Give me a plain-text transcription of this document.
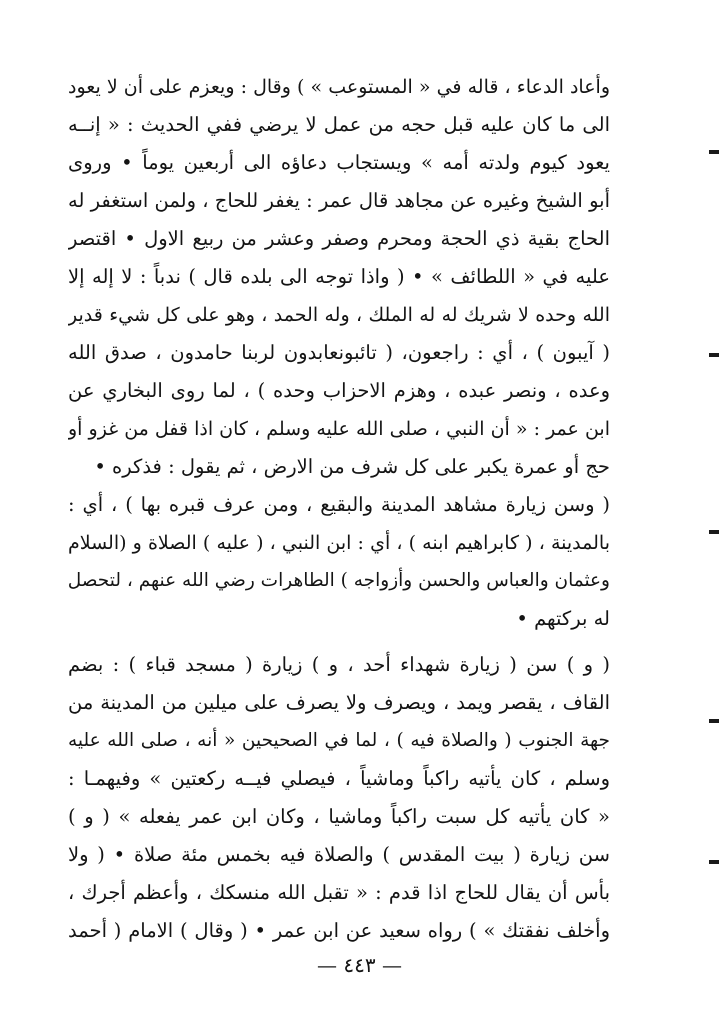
وأعاد الدعاء ، قاله في « المستوعب » ) وقال : ويعزم على أن لا يعود
الى ما كان عليه قبل حجه من عمل لا يرضي ففي الحديث : « إنــه
يعود كيوم ولدته أمه » ويستجاب دعاؤه الى أربعين يوماً • وروى
أبو الشيخ وغيره عن مجاهد قال عمر : يغفر للحاج ، ولمن استغفر له
الحاج بقية ذي الحجة ومحرم وصفر وعشر من ربيع الاول • اقتصر
عليه في « اللطائف » • ( واذا توجه الى بلده قال ) ندباً : لا إله إلا
الله وحده لا شريك له له الملك ، وله الحمد ، وهو على كل شيء قدير
( آيبون ) ، أي : راجعون، ( تائبونعابدون لربنا حامدون ، صدق الله
وعده ، ونصر عبده ، وهزم الاحزاب وحده ) ، لما روى البخاري عن
ابن عمر : « أن النبي ، صلى الله عليه وسلم ، كان اذا قفل من غزو أو
حج أو عمرة يكبر على كل شرف من الارض ، ثم يقول : فذكره •
( وسن زيارة مشاهد المدينة والبقيع ، ومن عرف قبره بها ) ، أي :
بالمدينة ، ( كابراهيم ابنه ) ، أي : ابن النبي ، ( عليه ) الصلاة و (السلام
وعثمان والعباس والحسن وأزواجه ) الطاهرات رضي الله عنهم ، لتحصل
له بركتهم •
( و ) سن ( زيارة شهداء أحد ، و ) زيارة ( مسجد قباء ) : بضم
القاف ، يقصر ويمد ، ويصرف ولا يصرف على ميلين من المدينة من
جهة الجنوب ( والصلاة فيه ) ، لما في الصحيحين « أنه ، صلى الله عليه
وسلم ، كان يأتيه راكباً وماشياً ، فيصلي فيــه ركعتين » وفيهمـا :
« كان يأتيه كل سبت راكباً وماشيا ، وكان ابن عمر يفعله » ( و )
سن زيارة ( بيت المقدس ) والصلاة فيه بخمس مئة صلاة • ( ولا
بأس أن يقال للحاج اذا قدم : « تقبل الله منسكك ، وأعظم أجرك ،
وأخلف نفقتك » ) رواه سعيد عن ابن عمر • ( وقال ) الامام ( أحمد
— ٤٤٣ —
